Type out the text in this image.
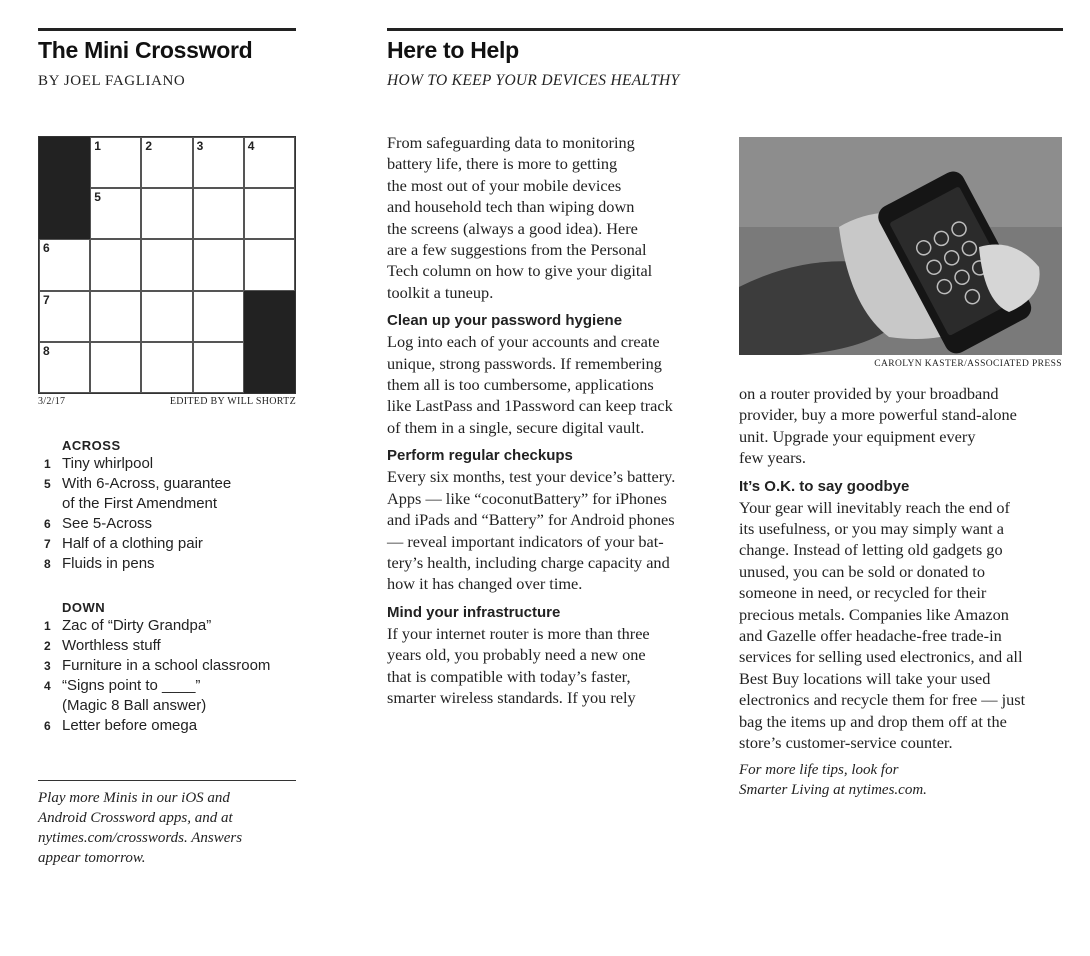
The Mini Crossword
BY JOEL FAGLIANO
1	2	3	4
5
6
7
8
3/2/17	EDITED BY WILL SHORTZ
ACROSS
1 Tiny whirlpool
5 With 6-Across, guarantee
of the First Amendment
6 See 5-Across
7 Half of a clothing pair
8 Fluids in pens
DOWN
1 Zac of “Dirty Grandpa”
2 Worthless stuff
3 Furniture in a school classroom
4 “Signs point to ____”
(Magic 8 Ball answer)
6 Letter before omega
Play more Minis in our iOS and
Android Crossword apps, and at
nytimes.com/crosswords. Answers
appear tomorrow.
Here to Help
HOW TO KEEP YOUR DEVICES HEALTHY

From safeguarding data to monitoring

battery life, there is more to getting

the most out of your mobile devices

and household tech than wiping down

the screens (always a good idea). Here

are a few suggestions from the Personal

Tech column on how to give your digital

toolkit a tuneup.

Clean up your password hygiene

Log into each of your accounts and create

unique, strong passwords. If remembering

them all is too cumbersome, applications

like LastPass and 1Password can keep track

of them in a single, secure digital vault.

Perform regular checkups

Every six months, test your device’s battery.

Apps — like “coconutBattery” for iPhones

and iPads and “Battery” for Android phones

— reveal important indicators of your bat-

tery’s health, including charge capacity and

how it has changed over time.

Mind your infrastructure

If your internet router is more than three

years old, you probably need a new one

that is compatible with today’s faster,

smarter wireless standards. If you rely

CAROLYN KASTER/ASSOCIATED PRESS

on a router provided by your broadband

provider, buy a more powerful stand-alone

unit. Upgrade your equipment every

few years.

It’s O.K. to say goodbye

Your gear will inevitably reach the end of

its usefulness, or you may simply want a

change. Instead of letting old gadgets go

unused, you can be sold or donated to

someone in need, or recycled for their

precious metals. Companies like Amazon

and Gazelle offer headache-free trade-in

services for selling used electronics, and all

Best Buy locations will take your used

electronics and recycle them for free — just

bag the items up and drop them off at the

store’s customer-service counter.

For more life tips, look for
Smarter Living at nytimes.com.
